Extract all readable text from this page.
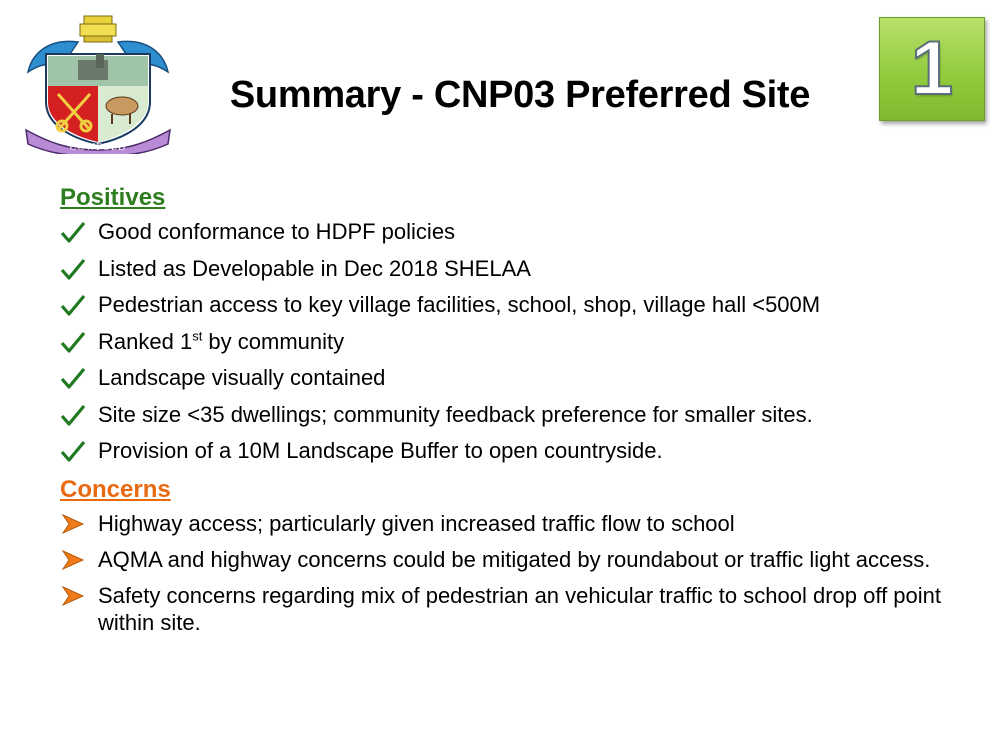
COWFOLD
Summary - CNP03 Preferred Site	1
Positives
Good conformance to HDPF policies
Listed as Developable in Dec 2018 SHELAA
Pedestrian access to key village facilities, school, shop, village hall <500M
Ranked 1st by community
Landscape visually contained
Site size <35 dwellings; community feedback preference for smaller sites.
Provision of a 10M Landscape Buffer to open countryside.
Concerns
Highway access; particularly given increased traffic flow to school
AQMA and highway concerns could be mitigated by roundabout or traffic light access.
Safety concerns regarding mix of pedestrian an vehicular traffic to school drop off point within site.
